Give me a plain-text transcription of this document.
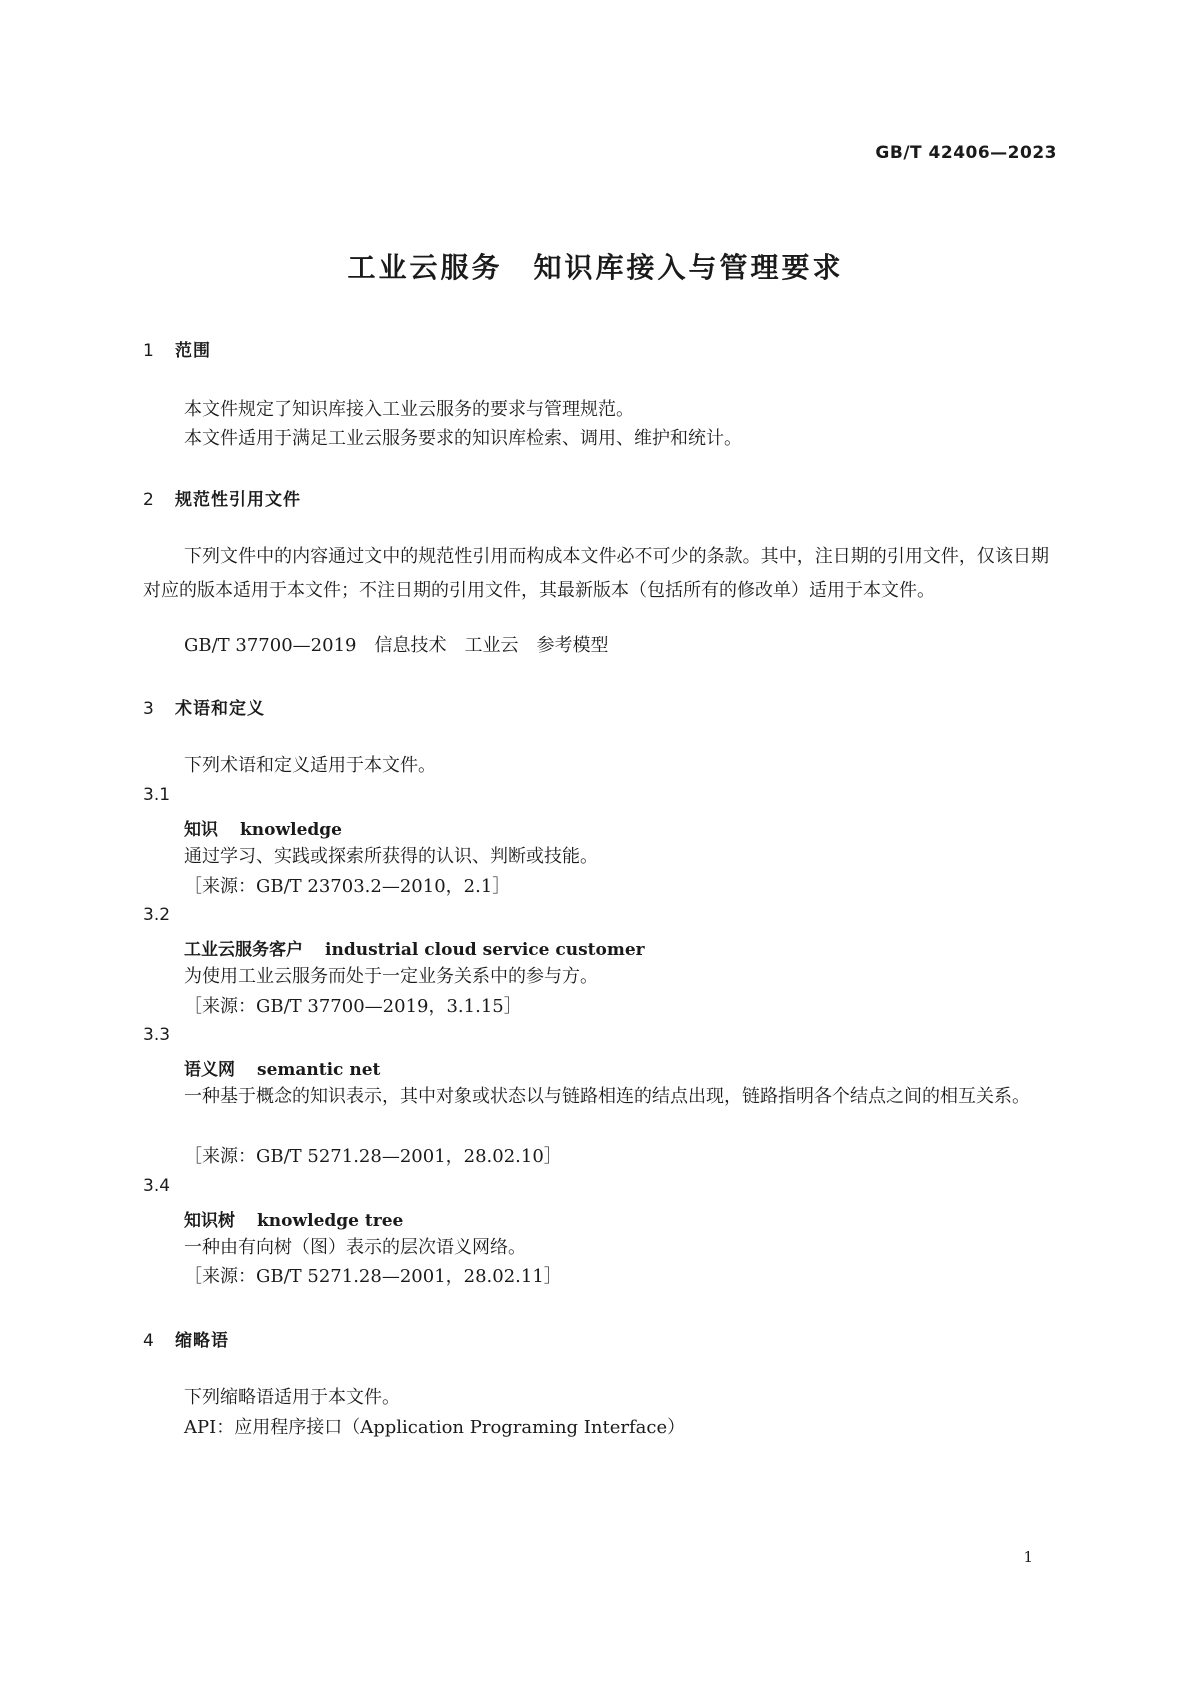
GB/T 42406—2023
工业云服务　知识库接入与管理要求
1 范围
本文件规定了知识库接入工业云服务的要求与管理规范。
本文件适用于满足工业云服务要求的知识库检索、调用、维护和统计。
2 规范性引用文件
下列文件中的内容通过文中的规范性引用而构成本文件必不可少的条款。其中，注日期的引用文件，仅该日期对应的版本适用于本文件；不注日期的引用文件，其最新版本（包括所有的修改单）适用于本文件。
GB/T 37700—2019　信息技术　工业云　参考模型
3 术语和定义
下列术语和定义适用于本文件。
3.1
知识 knowledge
通过学习、实践或探索所获得的认识、判断或技能。
［来源：GB/T 23703.2—2010，2.1］
3.2
工业云服务客户 industrial cloud service customer
为使用工业云服务而处于一定业务关系中的参与方。
［来源：GB/T 37700—2019，3.1.15］
3.3
语义网 semantic net
一种基于概念的知识表示，其中对象或状态以与链路相连的结点出现，链路指明各个结点之间的相互关系。
［来源：GB/T 5271.28—2001，28.02.10］
3.4
知识树 knowledge tree
一种由有向树（图）表示的层次语义网络。
［来源：GB/T 5271.28—2001，28.02.11］
4 缩略语
下列缩略语适用于本文件。
API：应用程序接口（Application Programing Interface）
1
